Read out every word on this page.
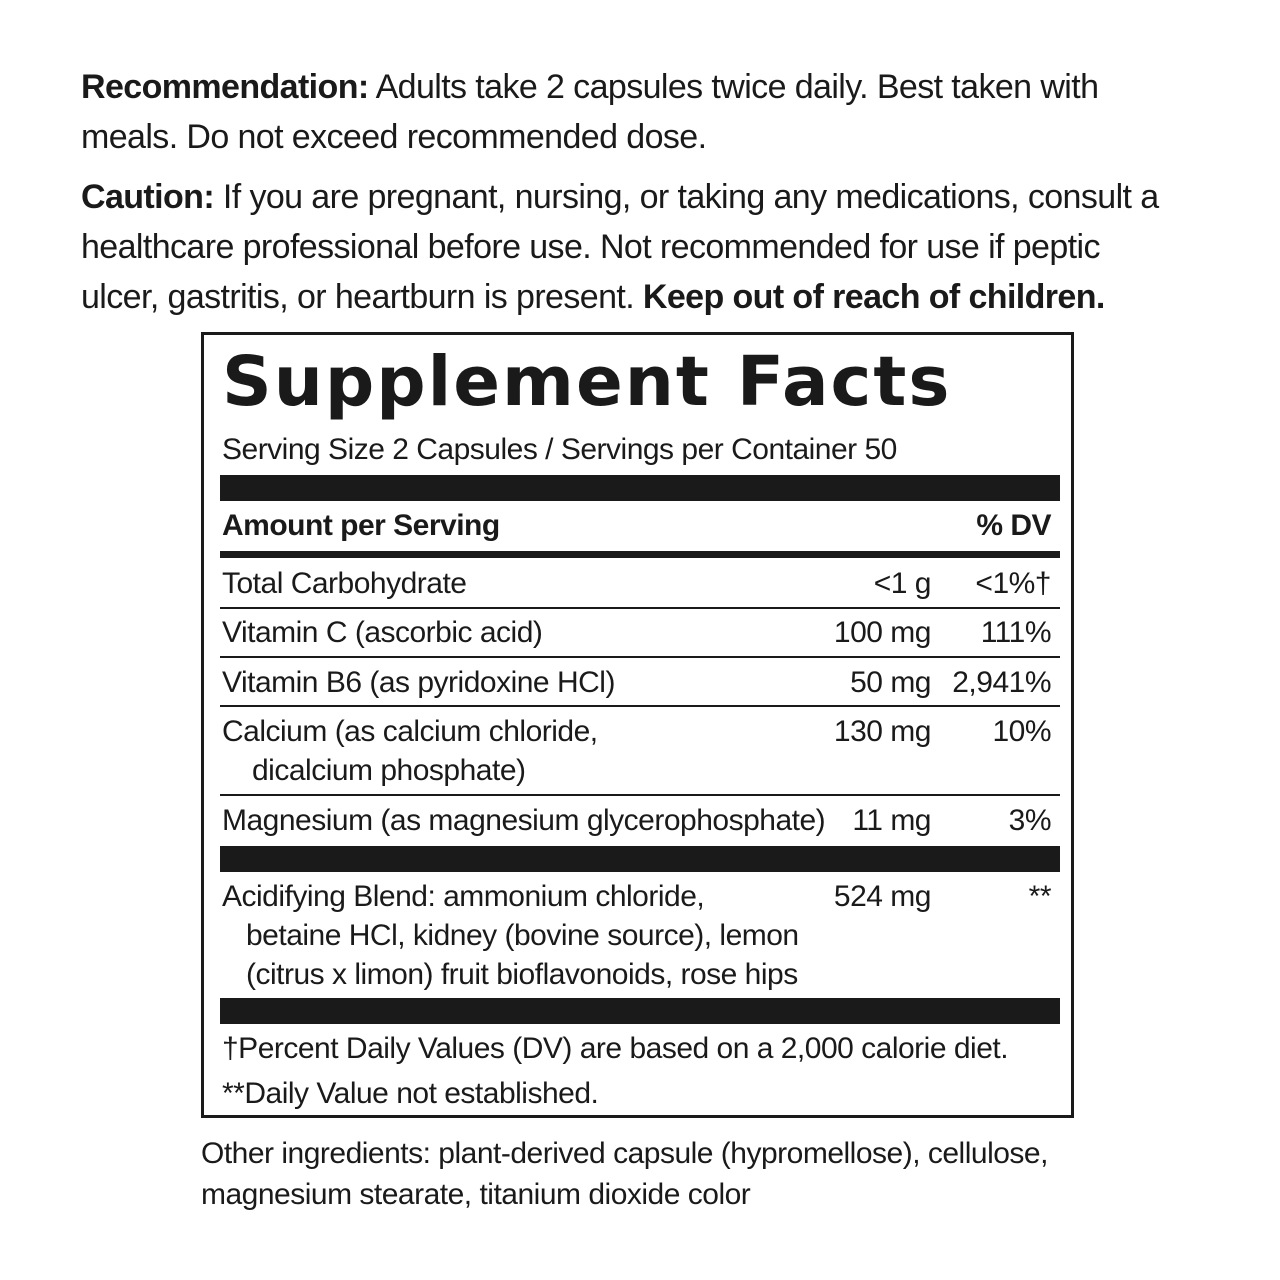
Recommendation: Adults take 2 capsules twice daily. Best taken with
meals. Do not exceed recommended dose.
Caution: If you are pregnant, nursing, or taking any medications, consult a
healthcare professional before use. Not recommended for use if peptic
ulcer, gastritis, or heartburn is present. Keep out of reach of children.
Supplement Facts
Serving Size 2 Capsules / Servings per Container 50
Amount per Serving	% DV
Total Carbohydrate	<1 g <1%†
Vitamin C (ascorbic acid)	100 mg 111%
Vitamin B6 (as pyridoxine HCl)	50 mg 2,941%
Calcium (as calcium chloride,
dicalcium phosphate)
130 mg 10%
Magnesium (as magnesium glycerophosphate) 11 mg	3%
Acidifying Blend: ammonium chloride,
betaine HCl, kidney (bovine source), lemon
(citrus x limon) fruit bioflavonoids, rose hips
524 mg	**
†Percent Daily Values (DV) are based on a 2,000 calorie diet.
**Daily Value not established.
Other ingredients: plant-derived capsule (hypromellose), cellulose,
magnesium stearate, titanium dioxide color
